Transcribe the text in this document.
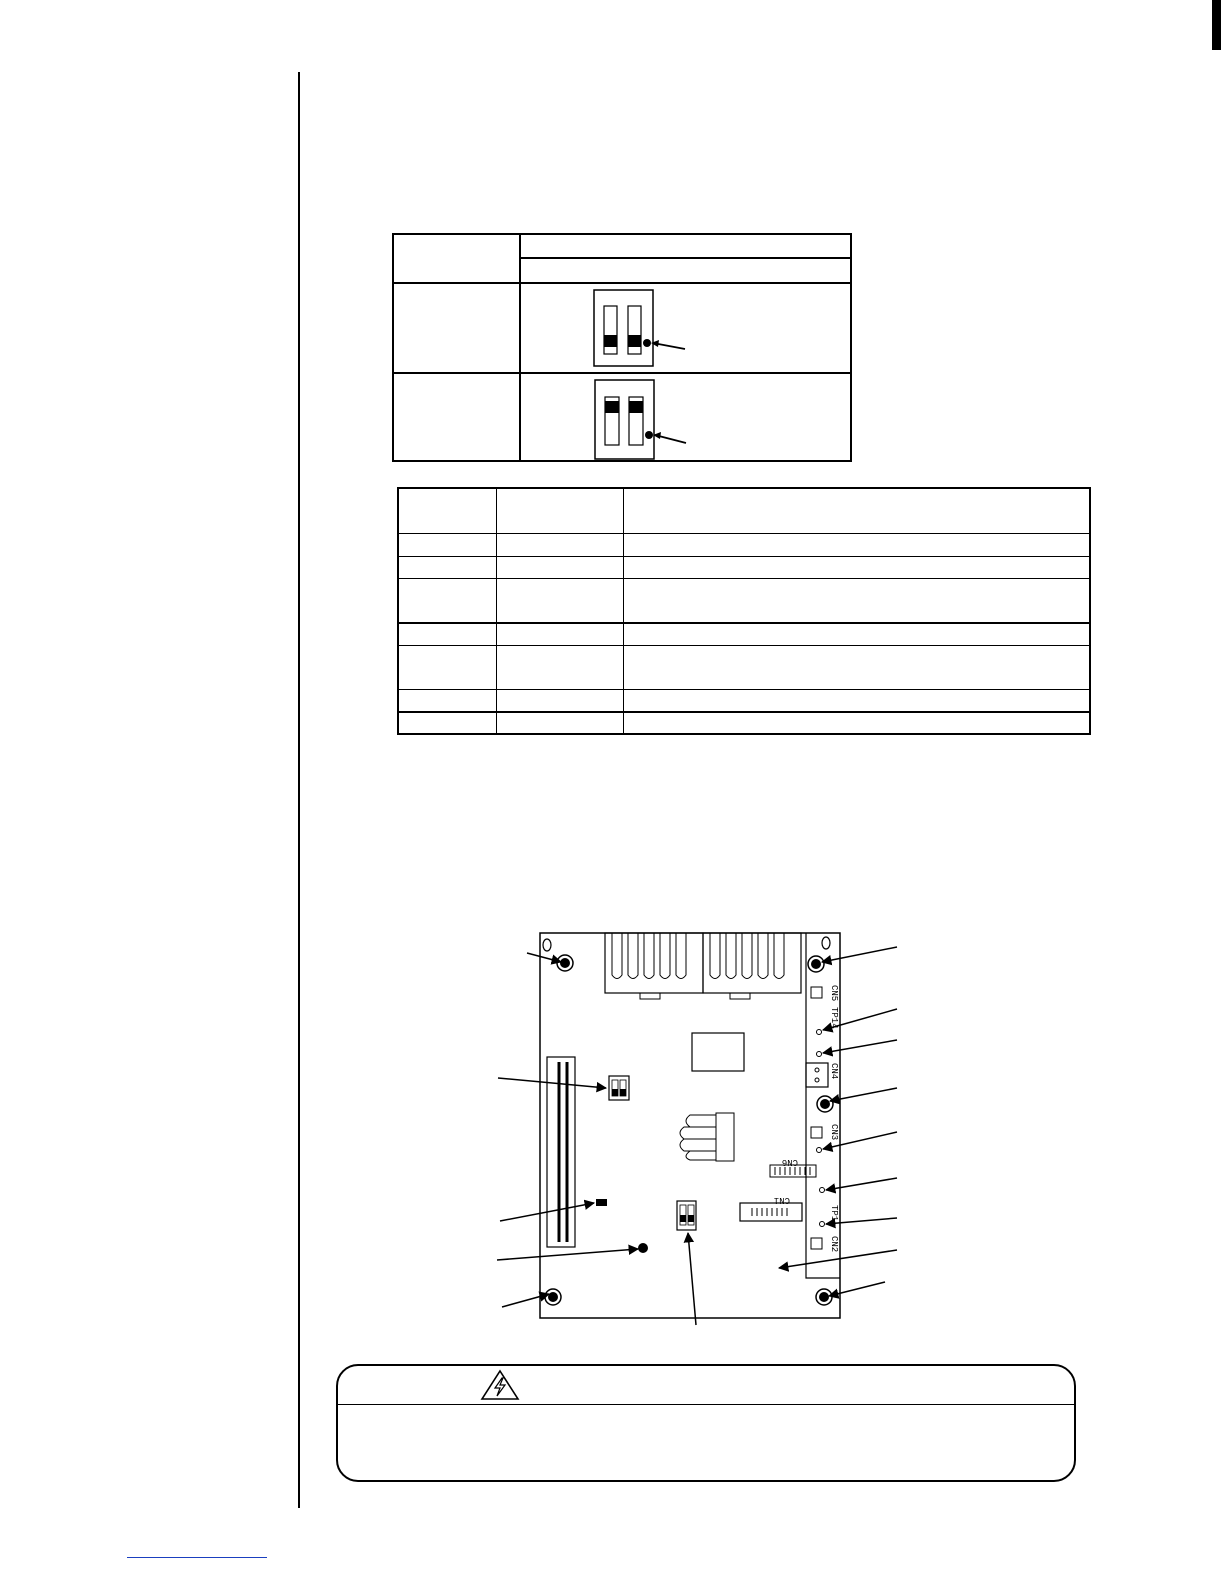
CN5
TP14
CN4
CN3
TP1
CN2
CN6
CN1
